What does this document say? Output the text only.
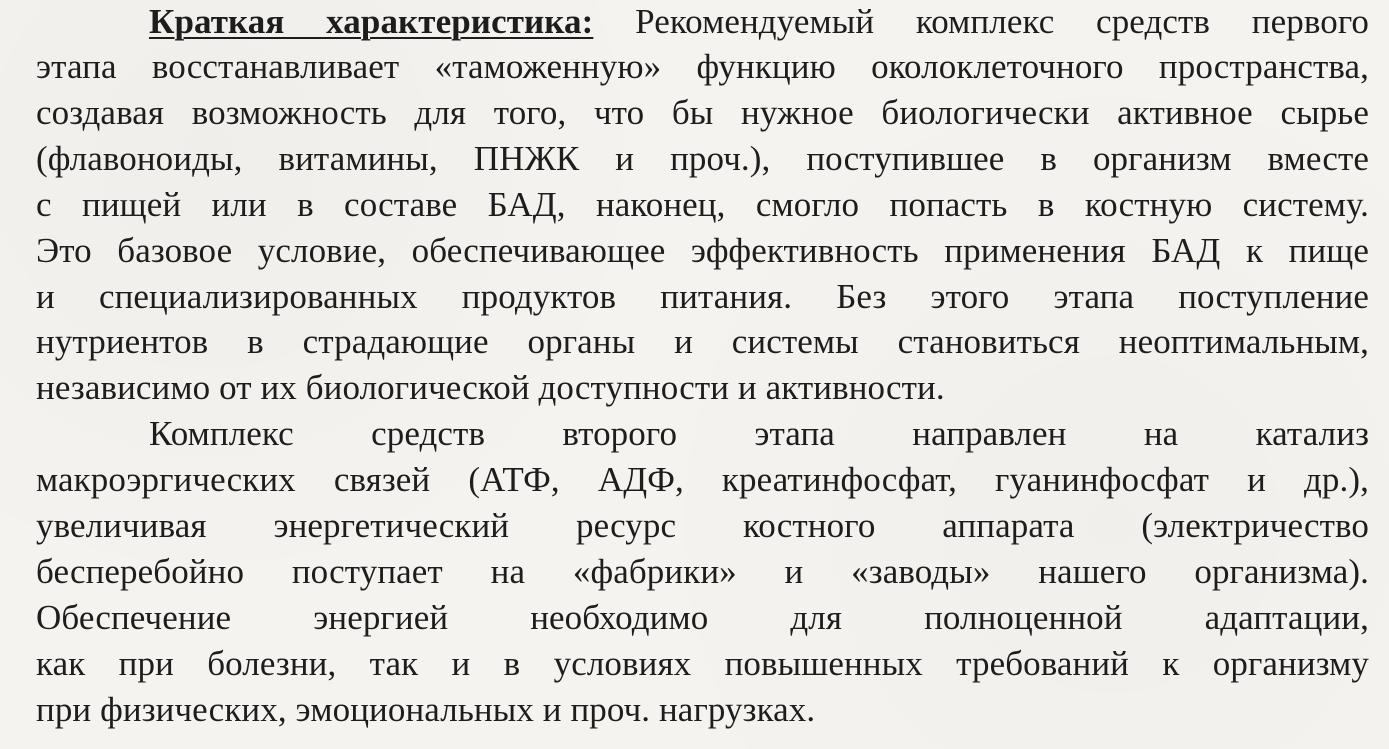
Краткая характеристика: Рекомендуемый комплекс средств первого
этапа восстанавливает «таможенную» функцию околоклеточного пространства,
создавая возможность для того, что бы нужное биологически активное сырье
(флавоноиды, витамины, ПНЖК и проч.), поступившее в организм вместе
с пищей или в составе БАД, наконец, смогло попасть в костную систему.
Это базовое условие, обеспечивающее эффективность применения БАД к пище
и специализированных продуктов питания. Без этого этапа поступление
нутриентов в страдающие органы и системы становиться неоптимальным,
независимо от их биологической доступности и активности.
Комплекс средств второго этапа направлен на катализ
макроэргических связей (АТФ, АДФ, креатинфосфат, гуанинфосфат и др.),
увеличивая энергетический ресурс костного аппарата (электричество
бесперебойно поступает на «фабрики» и «заводы» нашего организма).
Обеспечение энергией необходимо для полноценной адаптации,
как при болезни, так и в условиях повышенных требований к организму
при физических, эмоциональных и проч. нагрузках.
